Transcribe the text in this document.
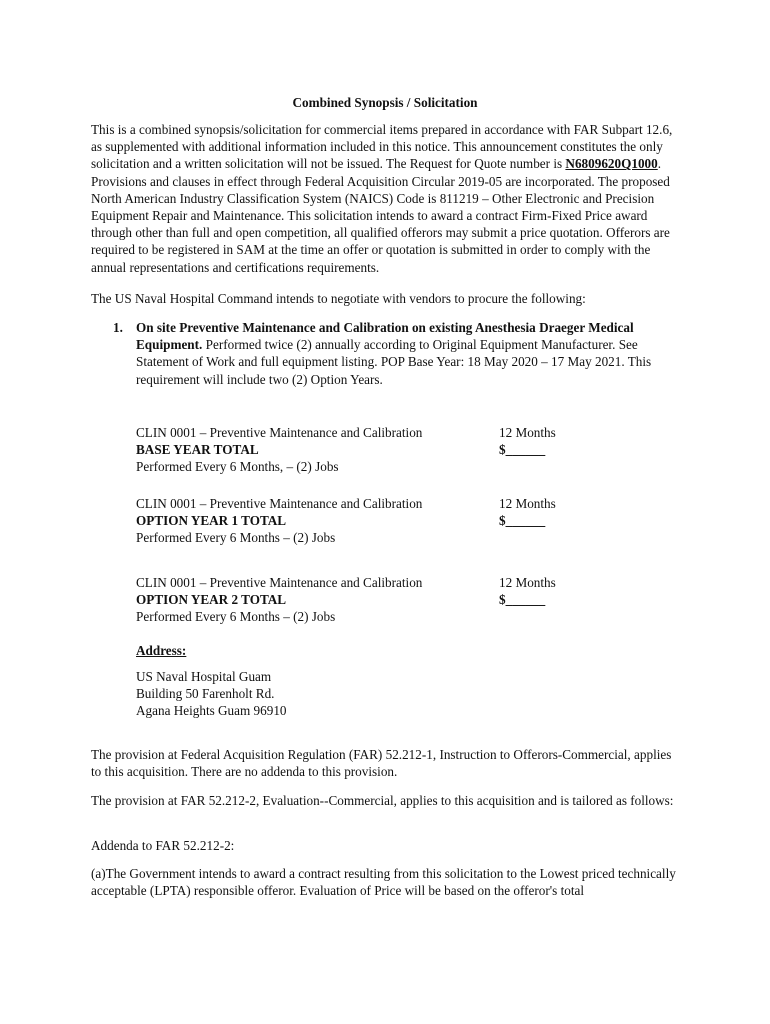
Combined Synopsis / Solicitation

This is a combined synopsis/solicitation for commercial items prepared in accordance with FAR Subpart 12.6, as supplemented with additional information included in this notice. This announcement constitutes the only solicitation and a written solicitation will not be issued. The Request for Quote number is N6809620Q1000. Provisions and clauses in effect through Federal Acquisition Circular 2019-05 are incorporated. The proposed North American Industry Classification System (NAICS) Code is 811219 – Other Electronic and Precision Equipment Repair and Maintenance. This solicitation intends to award a contract Firm-Fixed Price award through other than full and open competition, all qualified offerors may submit a price quotation. Offerors are required to be registered in SAM at the time an offer or quotation is submitted in order to comply with the annual representations and certifications requirements.

The US Naval Hospital Command intends to negotiate with vendors to procure the following:

1. On site Preventive Maintenance and Calibration on existing Anesthesia Draeger Medical Equipment. Performed twice (2) annually according to Original Equipment Manufacturer. See Statement of Work and full equipment listing. POP Base Year: 18 May 2020 – 17 May 2021. This requirement will include two (2) Option Years.
CLIN 0001 – Preventive Maintenance and Calibration
BASE YEAR TOTAL
Performed Every 6 Months, – (2) Jobs
12 Months
$______
CLIN 0001 – Preventive Maintenance and Calibration
OPTION YEAR 1 TOTAL
Performed Every 6 Months – (2) Jobs
12 Months
$______
CLIN 0001 – Preventive Maintenance and Calibration
OPTION YEAR 2 TOTAL
Performed Every 6 Months – (2) Jobs
12 Months
$______
Address:
US Naval Hospital Guam
Building 50 Farenholt Rd.
Agana Heights Guam 96910

The provision at Federal Acquisition Regulation (FAR) 52.212-1, Instruction to Offerors-Commercial, applies to this acquisition. There are no addenda to this provision.

The provision at FAR 52.212-2, Evaluation--Commercial, applies to this acquisition and is tailored as follows:

Addenda to FAR 52.212-2:

(a)The Government intends to award a contract resulting from this solicitation to the Lowest priced technically acceptable (LPTA) responsible offeror. Evaluation of Price will be based on the offeror's total
